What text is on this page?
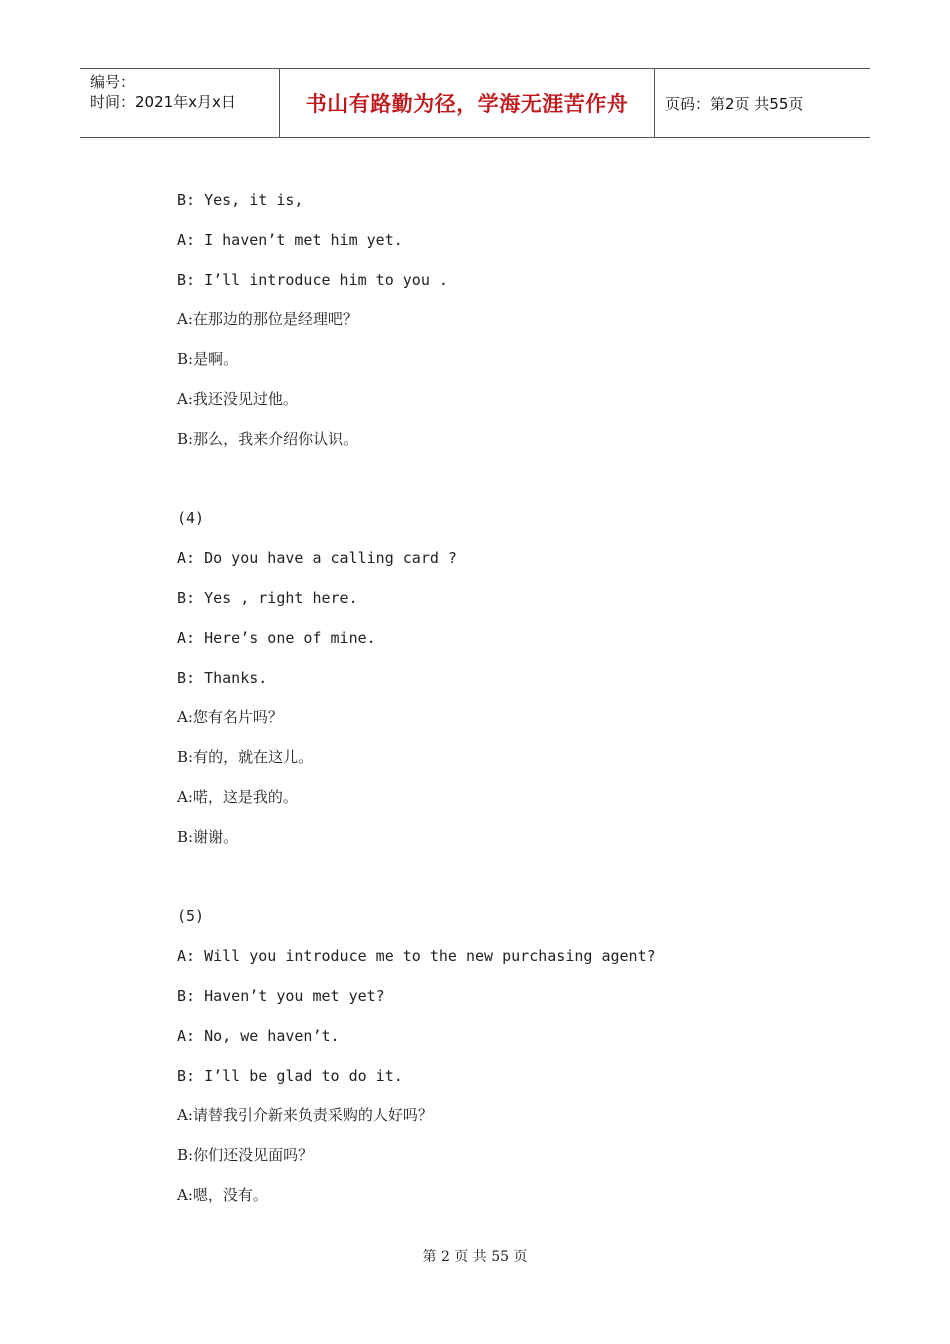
编号：
时间：2021年x月x日	书山有路勤为径，学海无涯苦作舟	页码：第2页 共55页
B: Yes, it is,
A: I haven’t met him yet.
B: I’ll introduce him to you .
A:在那边的那位是经理吧？
B:是啊。
A:我还没见过他。
B:那么，我来介绍你认识。
(4)
A: Do you have a calling card ?
B: Yes , right here.
A: Here’s one of mine.
B: Thanks.
A:您有名片吗？
B:有的，就在这儿。
A:喏，这是我的。
B:谢谢。
(5)
A: Will you introduce me to the new purchasing agent?
B: Haven’t you met yet?
A: No, we haven’t.
B: I’ll be glad to do it.
A:请替我引介新来负责采购的人好吗？
B:你们还没见面吗？
A:嗯，没有。
第 2 页 共 55 页
